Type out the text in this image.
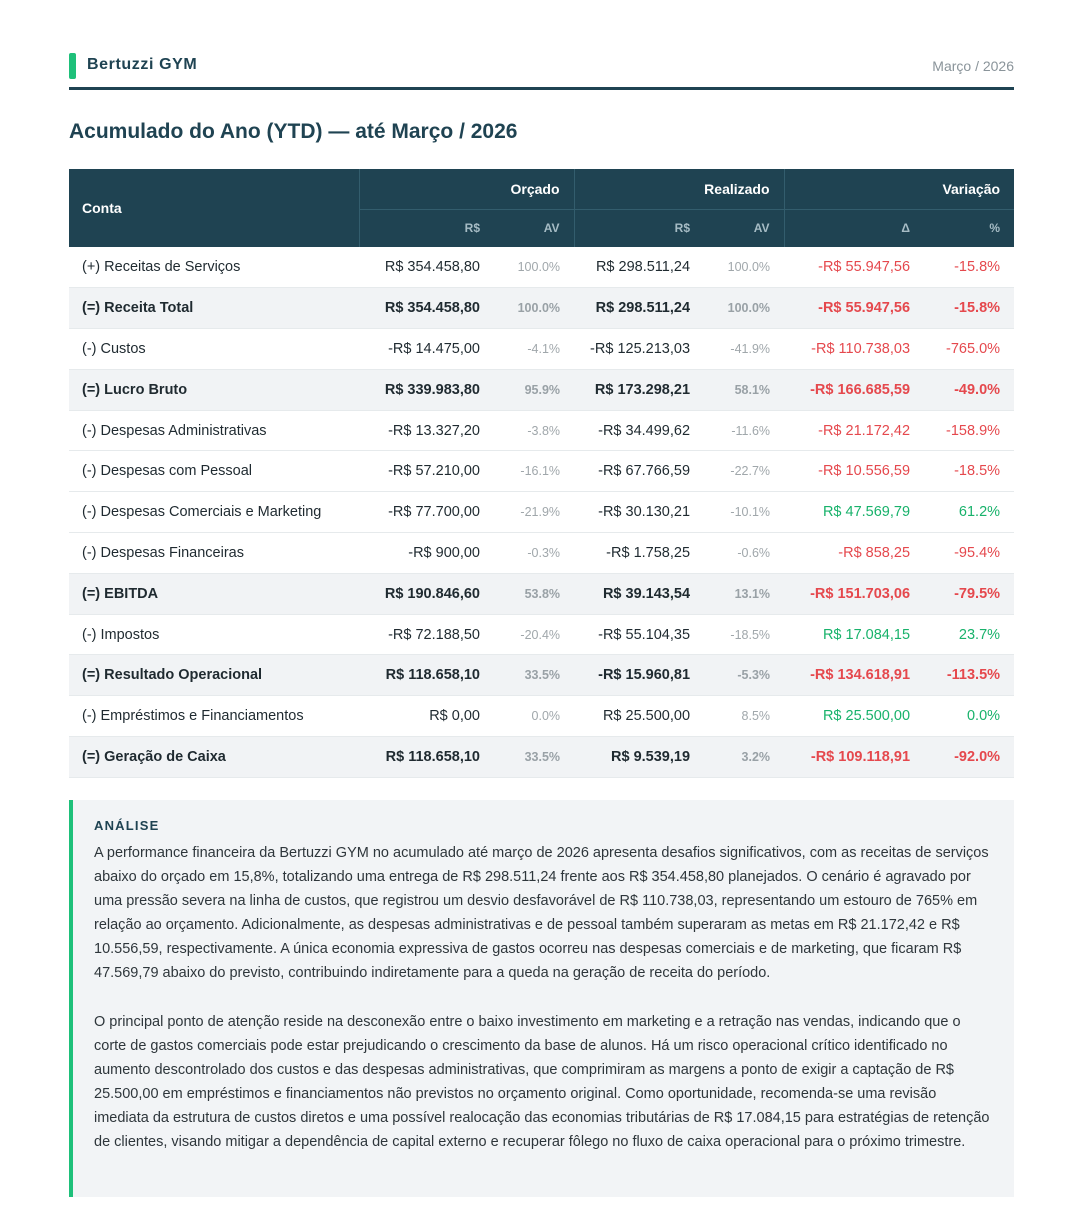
Bertuzzi GYM	Março / 2026
Acumulado do Ano (YTD) — até Março / 2026
Conta	Orçado		Realizado		Variação	
	R$	AV	R$	AV	Δ	%
(+) Receitas de Serviços	R$ 354.458,80	100.0%	R$ 298.511,24	100.0%	-R$ 55.947,56	-15.8%
(=) Receita Total	R$ 354.458,80	100.0%	R$ 298.511,24	100.0%	-R$ 55.947,56	-15.8%
(-) Custos	-R$ 14.475,00	-4.1%	-R$ 125.213,03	-41.9%	-R$ 110.738,03	-765.0%
(=) Lucro Bruto	R$ 339.983,80	95.9%	R$ 173.298,21	58.1%	-R$ 166.685,59	-49.0%
(-) Despesas Administrativas	-R$ 13.327,20	-3.8%	-R$ 34.499,62	-11.6%	-R$ 21.172,42	-158.9%
(-) Despesas com Pessoal	-R$ 57.210,00	-16.1%	-R$ 67.766,59	-22.7%	-R$ 10.556,59	-18.5%
(-) Despesas Comerciais e Marketing	-R$ 77.700,00	-21.9%	-R$ 30.130,21	-10.1%	R$ 47.569,79	61.2%
(-) Despesas Financeiras	-R$ 900,00	-0.3%	-R$ 1.758,25	-0.6%	-R$ 858,25	-95.4%
(=) EBITDA	R$ 190.846,60	53.8%	R$ 39.143,54	13.1%	-R$ 151.703,06	-79.5%
(-) Impostos	-R$ 72.188,50	-20.4%	-R$ 55.104,35	-18.5%	R$ 17.084,15	23.7%
(=) Resultado Operacional	R$ 118.658,10	33.5%	-R$ 15.960,81	-5.3%	-R$ 134.618,91	-113.5%
(-) Empréstimos e Financiamentos	R$ 0,00	0.0%	R$ 25.500,00	8.5%	R$ 25.500,00	0.0%
(=) Geração de Caixa	R$ 118.658,10	33.5%	R$ 9.539,19	3.2%	-R$ 109.118,91	-92.0%
ANÁLISE

A performance financeira da Bertuzzi GYM no acumulado até março de 2026 apresenta desafios significativos, com as receitas de serviços abaixo do orçado em 15,8%, totalizando uma entrega de R$ 298.511,24 frente aos R$ 354.458,80 planejados. O cenário é agravado por uma pressão severa na linha de custos, que registrou um desvio desfavorável de R$ 110.738,03, representando um estouro de 765% em relação ao orçamento. Adicionalmente, as despesas administrativas e de pessoal também superaram as metas em R$ 21.172,42 e R$ 10.556,59, respectivamente. A única economia expressiva de gastos ocorreu nas despesas comerciais e de marketing, que ficaram R$ 47.569,79 abaixo do previsto, contribuindo indiretamente para a queda na geração de receita do período.

O principal ponto de atenção reside na desconexão entre o baixo investimento em marketing e a retração nas vendas, indicando que o corte de gastos comerciais pode estar prejudicando o crescimento da base de alunos. Há um risco operacional crítico identificado no aumento descontrolado dos custos e das despesas administrativas, que comprimiram as margens a ponto de exigir a captação de R$ 25.500,00 em empréstimos e financiamentos não previstos no orçamento original. Como oportunidade, recomenda-se uma revisão imediata da estrutura de custos diretos e uma possível realocação das economias tributárias de R$ 17.084,15 para estratégias de retenção de clientes, visando mitigar a dependência de capital externo e recuperar fôlego no fluxo de caixa operacional para o próximo trimestre.
